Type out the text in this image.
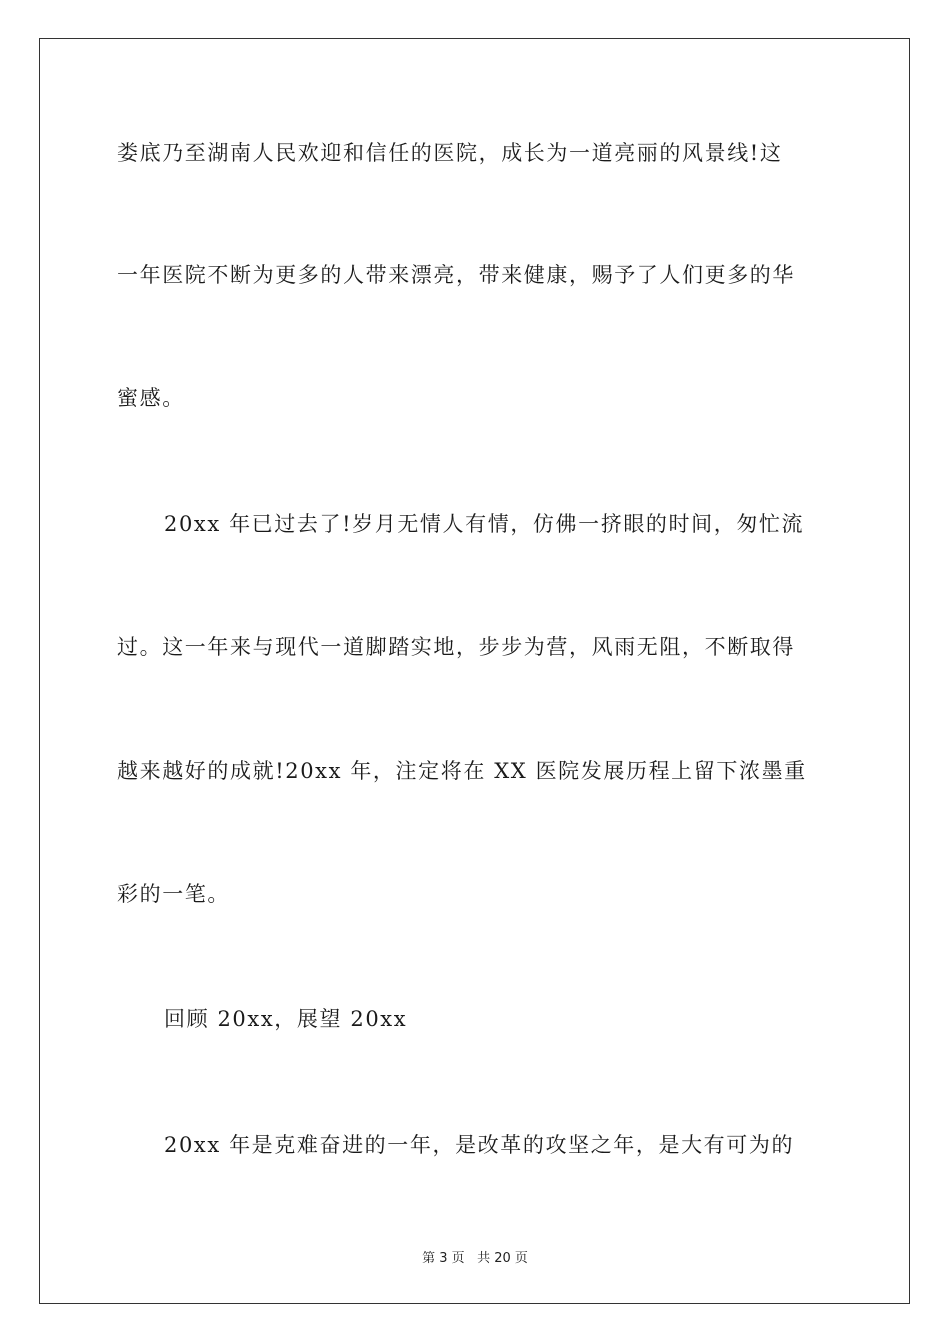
娄底乃至湖南人民欢迎和信任的医院，成长为一道亮丽的风景线!这
一年医院不断为更多的人带来漂亮，带来健康，赐予了人们更多的华
蜜感。
20xx 年已过去了!岁月无情人有情，仿佛一挤眼的时间，匆忙流
过。这一年来与现代一道脚踏实地，步步为营，风雨无阻，不断取得
越来越好的成就!20xx 年，注定将在 XX 医院发展历程上留下浓墨重
彩的一笔。
回顾 20xx，展望 20xx
20xx 年是克难奋进的一年，是改革的攻坚之年，是大有可为的
第 3 页 共 20 页
